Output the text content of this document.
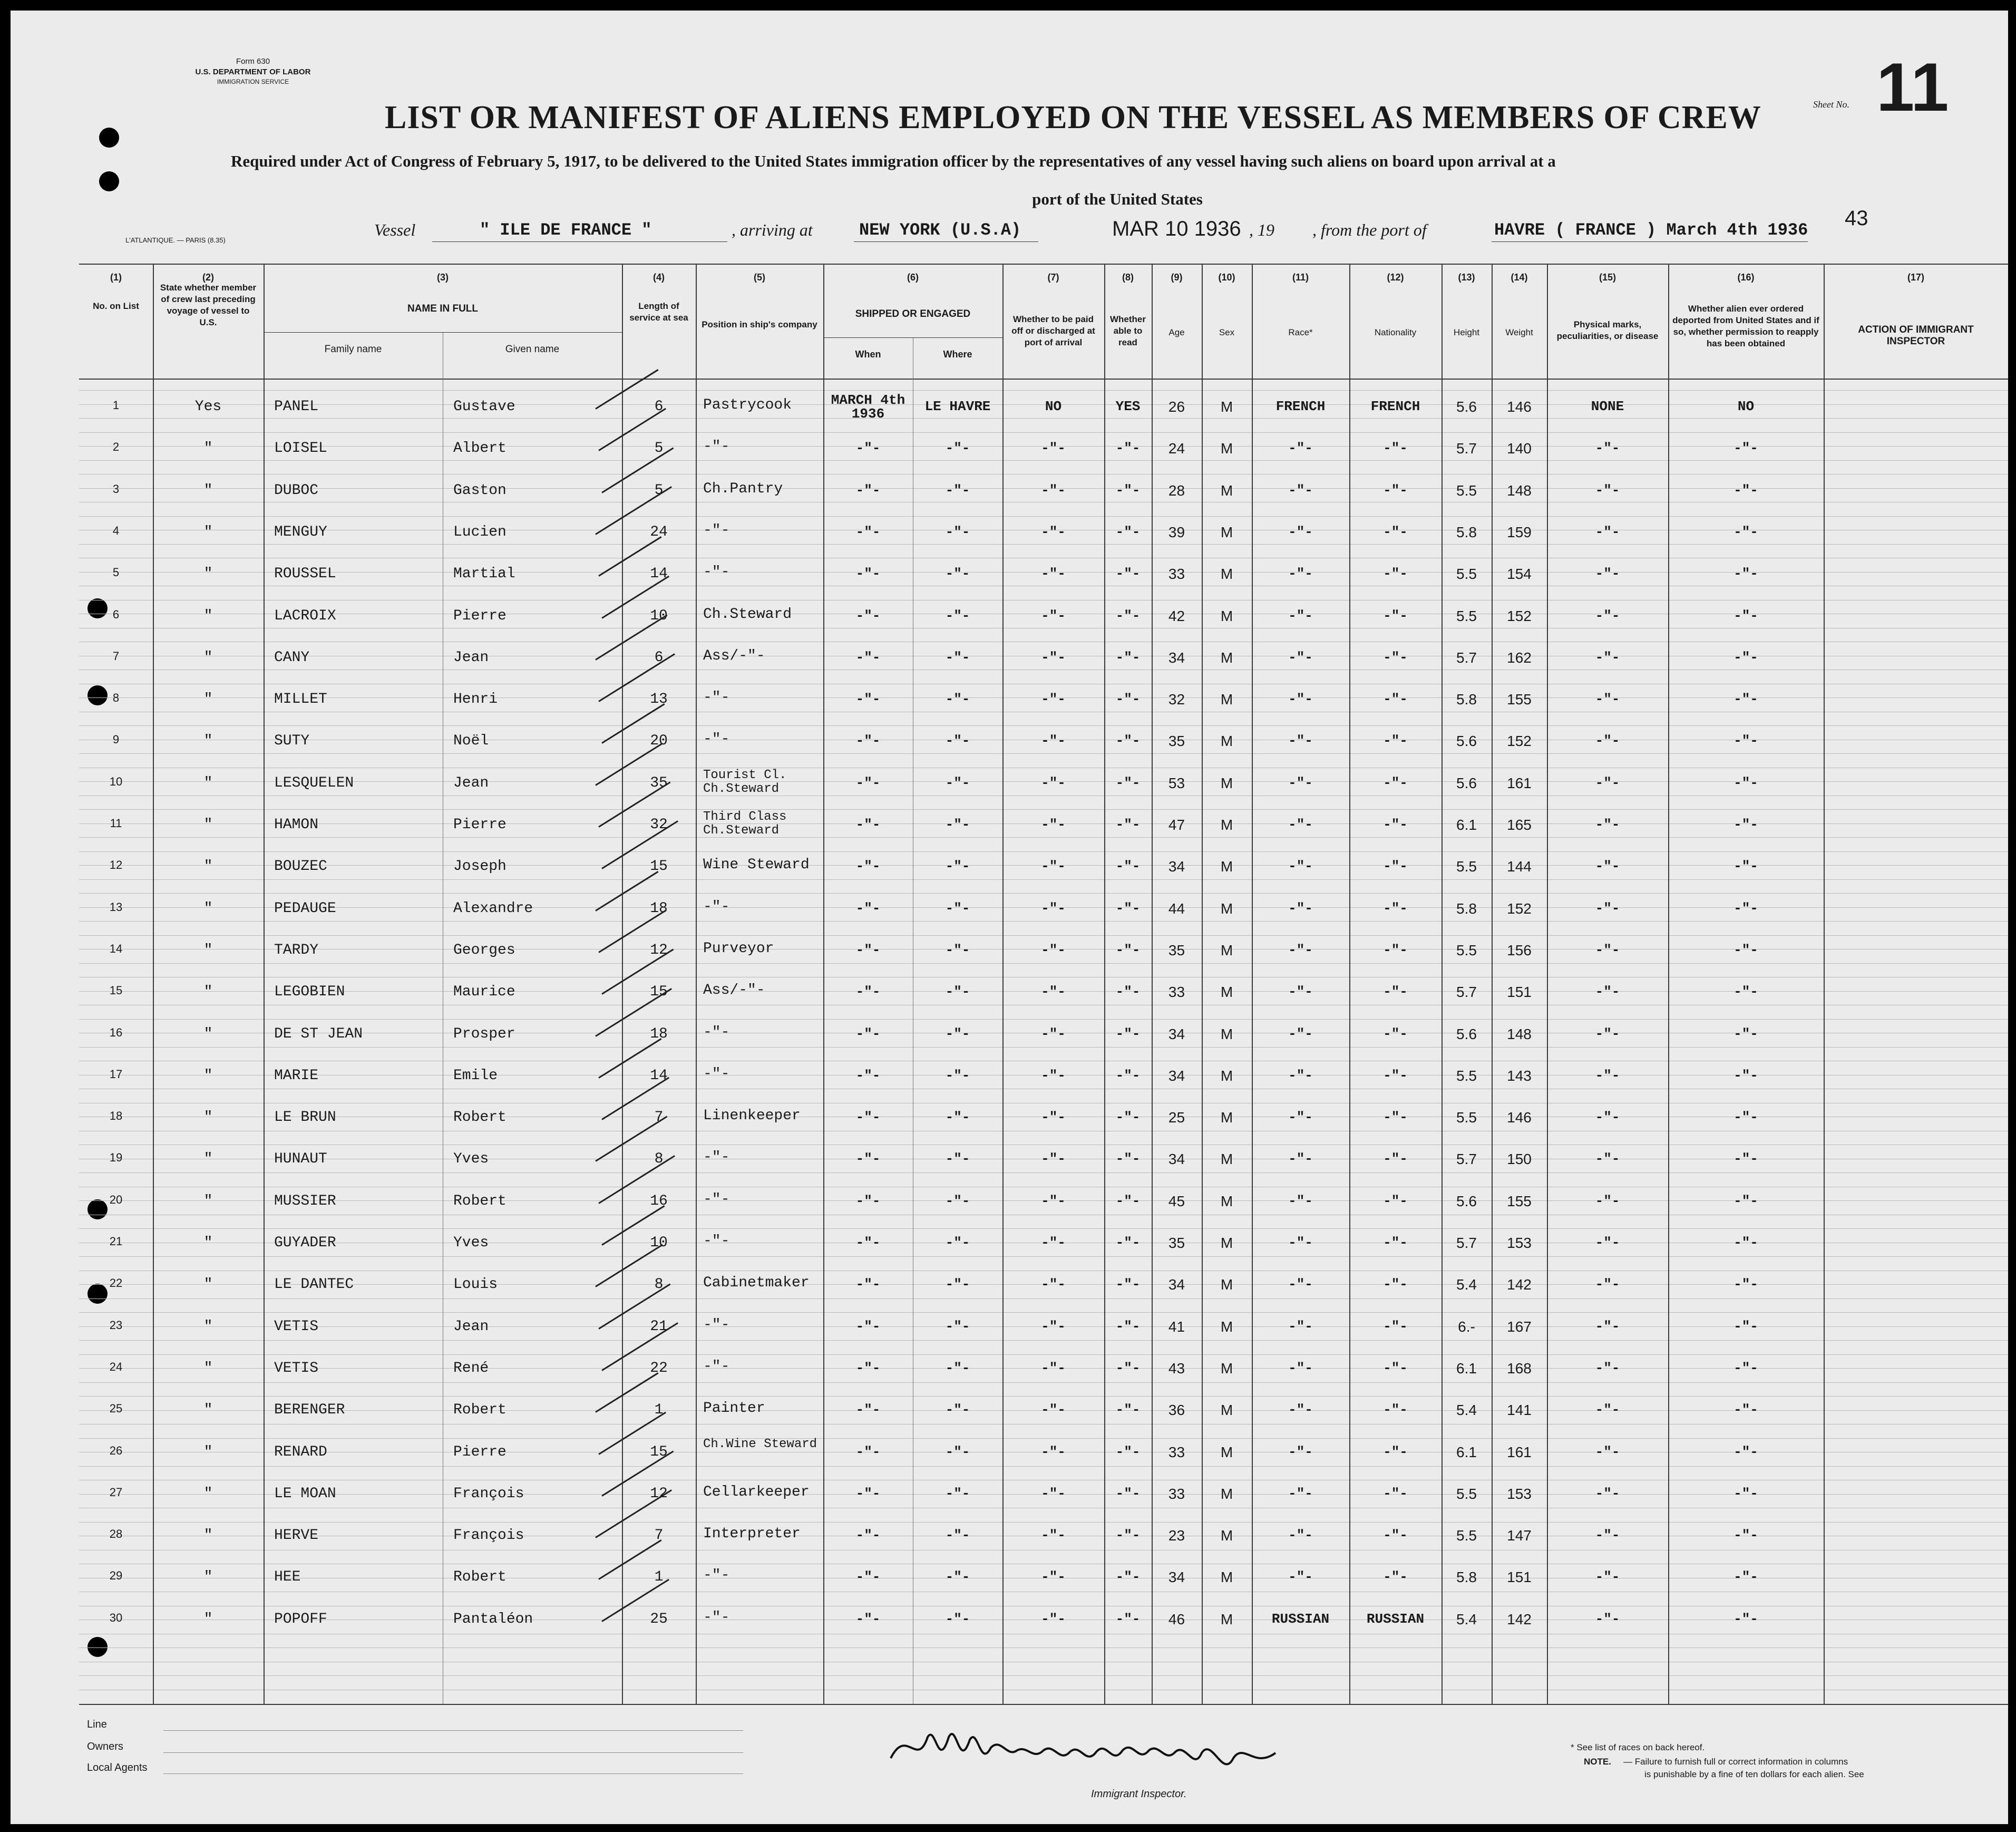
Form 630
U.S. DEPARTMENT OF LABOR
IMMIGRATION SERVICE
LIST OR MANIFEST OF ALIENS EMPLOYED ON THE VESSEL AS MEMBERS OF CREW	Sheet No. 11
Required under Act of Congress of February 5, 1917, to be delivered to the United States immigration officer by the representatives of any vessel having such aliens on board upon arrival at a
port of the United States
43
L'ATLANTIQUE. — PARIS (8.35)
Vessel	" ILE DE FRANCE "	, arriving at	NEW YORK (U.S.A)	MAR 10 1936 , 19 , from the port of	HAVRE ( FRANCE ) March 4th 1936
(1)
No. on List
(2)
State whether member of crew last preceding voyage of vessel to U.S.
(3)
NAME IN FULL
(4)
Length of service at sea
(5)
Position in ship's company
(6)
SHIPPED OR ENGAGED
(7)
Whether to be paid off or discharged at port of arrival
(8)
Whether able to read
(9)
Age
(10)
Sex
(11)
Race*
(12)
Nationality
(13)
Height
(14)
Weight
(15)
Physical marks, peculiarities, or disease
(16)
Whether alien ever ordered deported from United States and if so, whether permission to reapply has been obtained
(17)
ACTION OF IMMIGRANT INSPECTOR
Family name	Given name	When	Where
1	Yes	PANEL	Gustave	6	Pastrycook	MARCH 4th 1936	LE HAVRE	NO	YES	26	M	FRENCH	FRENCH	5.6	146	NONE	NO
2	"	LOISEL	Albert	5	-"-	-"-	-"-	-"-	-"-	24	M	-"-	-"-	5.7	140	-"-	-"-
3	"	DUBOC	Gaston	5	Ch.Pantry	-"-	-"-	-"-	-"-	28	M	-"-	-"-	5.5	148	-"-	-"-
4	"	MENGUY	Lucien	24	-"-	-"-	-"-	-"-	-"-	39	M	-"-	-"-	5.8	159	-"-	-"-
5	"	ROUSSEL	Martial	14	-"-	-"-	-"-	-"-	-"-	33	M	-"-	-"-	5.5	154	-"-	-"-
6	"	LACROIX	Pierre	10	Ch.Steward	-"-	-"-	-"-	-"-	42	M	-"-	-"-	5.5	152	-"-	-"-
7	"	CANY	Jean	6	Ass/-"-	-"-	-"-	-"-	-"-	34	M	-"-	-"-	5.7	162	-"-	-"-
8	"	MILLET	Henri	13	-"-	-"-	-"-	-"-	-"-	32	M	-"-	-"-	5.8	155	-"-	-"-
9	"	SUTY	Noël	20	-"-	-"-	-"-	-"-	-"-	35	M	-"-	-"-	5.6	152	-"-	-"-
10	"	LESQUELEN	Jean	35	Tourist Cl. Ch.Steward	-"-	-"-	-"-	-"-	53	M	-"-	-"-	5.6	161	-"-	-"-
11	"	HAMON	Pierre	32	Third Class Ch.Steward	-"-	-"-	-"-	-"-	47	M	-"-	-"-	6.1	165	-"-	-"-
12	"	BOUZEC	Joseph	15	Wine Steward	-"-	-"-	-"-	-"-	34	M	-"-	-"-	5.5	144	-"-	-"-
13	"	PEDAUGE	Alexandre	18	-"-	-"-	-"-	-"-	-"-	44	M	-"-	-"-	5.8	152	-"-	-"-
14	"	TARDY	Georges	12	Purveyor	-"-	-"-	-"-	-"-	35	M	-"-	-"-	5.5	156	-"-	-"-
15	"	LEGOBIEN	Maurice	15	Ass/-"-	-"-	-"-	-"-	-"-	33	M	-"-	-"-	5.7	151	-"-	-"-
16	"	DE ST JEAN	Prosper	18	-"-	-"-	-"-	-"-	-"-	34	M	-"-	-"-	5.6	148	-"-	-"-
17	"	MARIE	Emile	14	-"-	-"-	-"-	-"-	-"-	34	M	-"-	-"-	5.5	143	-"-	-"-
18	"	LE BRUN	Robert	7	Linenkeeper	-"-	-"-	-"-	-"-	25	M	-"-	-"-	5.5	146	-"-	-"-
19	"	HUNAUT	Yves	8	-"-	-"-	-"-	-"-	-"-	34	M	-"-	-"-	5.7	150	-"-	-"-
20	"	MUSSIER	Robert	16	-"-	-"-	-"-	-"-	-"-	45	M	-"-	-"-	5.6	155	-"-	-"-
21	"	GUYADER	Yves	10	-"-	-"-	-"-	-"-	-"-	35	M	-"-	-"-	5.7	153	-"-	-"-
22	"	LE DANTEC	Louis	8	Cabinetmaker	-"-	-"-	-"-	-"-	34	M	-"-	-"-	5.4	142	-"-	-"-
23	"	VETIS	Jean	21	-"-	-"-	-"-	-"-	-"-	41	M	-"-	-"-	6.-	167	-"-	-"-
24	"	VETIS	René	22	-"-	-"-	-"-	-"-	-"-	43	M	-"-	-"-	6.1	168	-"-	-"-
25	"	BERENGER	Robert	1	Painter	-"-	-"-	-"-	-"-	36	M	-"-	-"-	5.4	141	-"-	-"-
26	"	RENARD	Pierre	15	Ch.Wine Steward	-"-	-"-	-"-	-"-	33	M	-"-	-"-	6.1	161	-"-	-"-
27	"	LE MOAN	François	12	Cellarkeeper	-"-	-"-	-"-	-"-	33	M	-"-	-"-	5.5	153	-"-	-"-
28	"	HERVE	François	7	Interpreter	-"-	-"-	-"-	-"-	23	M	-"-	-"-	5.5	147	-"-	-"-
29	"	HEE	Robert	1	-"-	-"-	-"-	-"-	-"-	34	M	-"-	-"-	5.8	151	-"-	-"-
30	"	POPOFF	Pantaléon	25	-"-	-"-	-"-	-"-	-"-	46	M	RUSSIAN	RUSSIAN	5.4	142	-"-	-"-
Line
Owners
Local Agents
Immigrant Inspector.
* See list of races on back hereof.
NOTE. — Failure to furnish full or correct information in columns
is punishable by a fine of ten dollars for each alien. See
